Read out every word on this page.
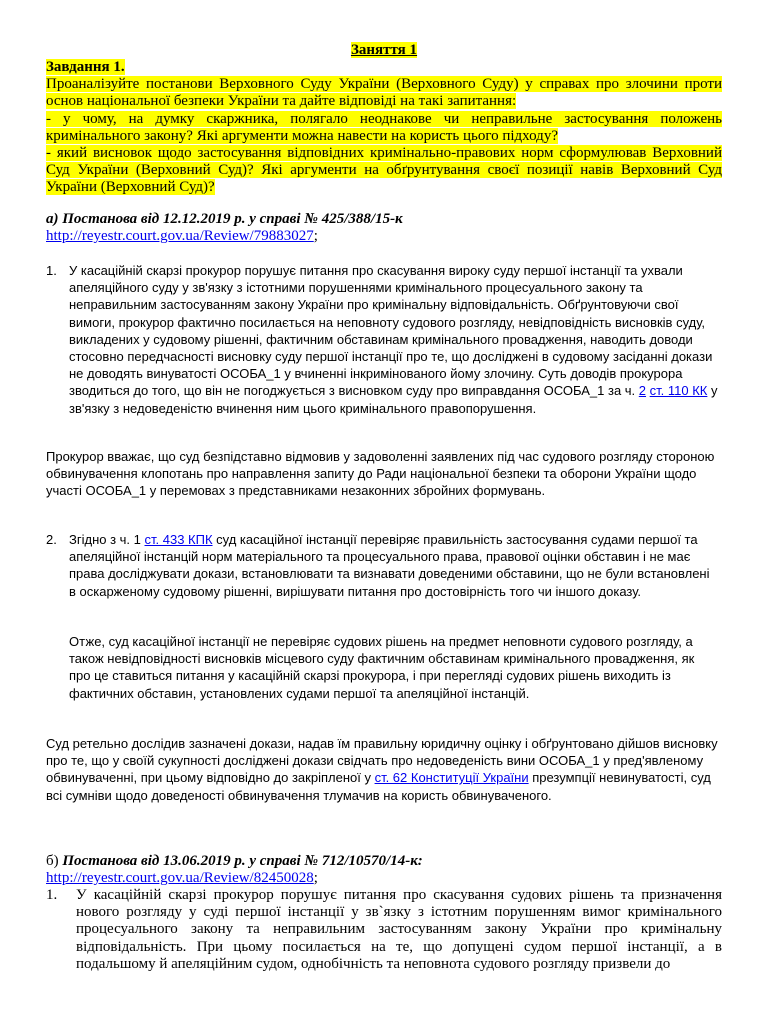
Заняття 1
Завдання 1.
Проаналізуйте постанови Верховного Суду України (Верховного Суду) у справах про злочини проти основ національної безпеки України та дайте відповіді на такі запитання:
- у чому, на думку скаржника, полягало неоднакове чи неправильне застосування положень кримінального закону? Які аргументи можна навести на користь цього підходу?
- який висновок щодо застосування відповідних кримінально-правових норм сформулював Верховний Суд України (Верховний Суд)? Які аргументи на обґрунтування своєї позиції навів Верховний Суд України (Верховний Суд)?
а) Постанова від 12.12.2019 р. у справі № 425/388/15-к
http://reyestr.court.gov.ua/Review/79883027;
1. У касаційній скарзі прокурор порушує питання про скасування вироку суду першої інстанції та ухвали апеляційного суду у зв'язку з істотними порушеннями кримінального процесуального закону та неправильним застосуванням закону України про кримінальну відповідальність. Обґрунтовуючи свої вимоги, прокурор фактично посилається на неповноту судового розгляду, невідповідність висновків суду, викладених у судовому рішенні, фактичним обставинам кримінального провадження, наводить доводи стосовно передчасності висновку суду першої інстанції про те, що досліджені в судовому засіданні докази не доводять винуватості ОСОБА_1 у вчиненні інкримінованого йому злочину. Суть доводів прокурора зводиться до того, що він не погоджується з висновком суду про виправдання ОСОБА_1 за ч. 2 ст. 110 КК у зв'язку з недоведеністю вчинення ним цього кримінального правопорушення.
Прокурор вважає, що суд безпідставно відмовив у задоволенні заявлених під час судового розгляду стороною обвинувачення клопотань про направлення запиту до Ради національної безпеки та оборони України щодо участі ОСОБА_1 у перемовах з представниками незаконних збройних формувань.
2. Згідно з ч. 1 ст. 433 КПК суд касаційної інстанції перевіряє правильність застосування судами першої та апеляційної інстанцій норм матеріального та процесуального права, правової оцінки обставин і не має права досліджувати докази, встановлювати та визнавати доведеними обставини, що не були встановлені в оскарженому судовому рішенні, вирішувати питання про достовірність того чи іншого доказу.
Отже, суд касаційної інстанції не перевіряє судових рішень на предмет неповноти судового розгляду, а також невідповідності висновків місцевого суду фактичним обставинам кримінального провадження, як про це ставиться питання у касаційній скарзі прокурора, і при перегляді судових рішень виходить із фактичних обставин, установлених судами першої та апеляційної інстанцій.
Суд ретельно дослідив зазначені докази, надав їм правильну юридичну оцінку і обґрунтовано дійшов висновку про те, що у своїй сукупності досліджені докази свідчать про недоведеність вини ОСОБА_1 у пред'явленому обвинуваченні, при цьому відповідно до закріпленої у ст. 62 Конституції України презумпції невинуватості, суд всі сумніви щодо доведеності обвинувачення тлумачив на користь обвинуваченого.
б) Постанова від 13.06.2019 р. у справі № 712/10570/14-к:
http://reyestr.court.gov.ua/Review/82450028;
1. У касаційній скарзі прокурор порушує питання про скасування судових рішень та призначення нового розгляду у суді першої інстанції у зв`язку з істотним порушенням вимог кримінального процесуального закону та неправильним застосуванням закону України про кримінальну відповідальність. При цьому посилається на те, що допущені судом першої інстанції, а в подальшому й апеляційним судом, однобічність та неповнота судового розгляду призвели до
